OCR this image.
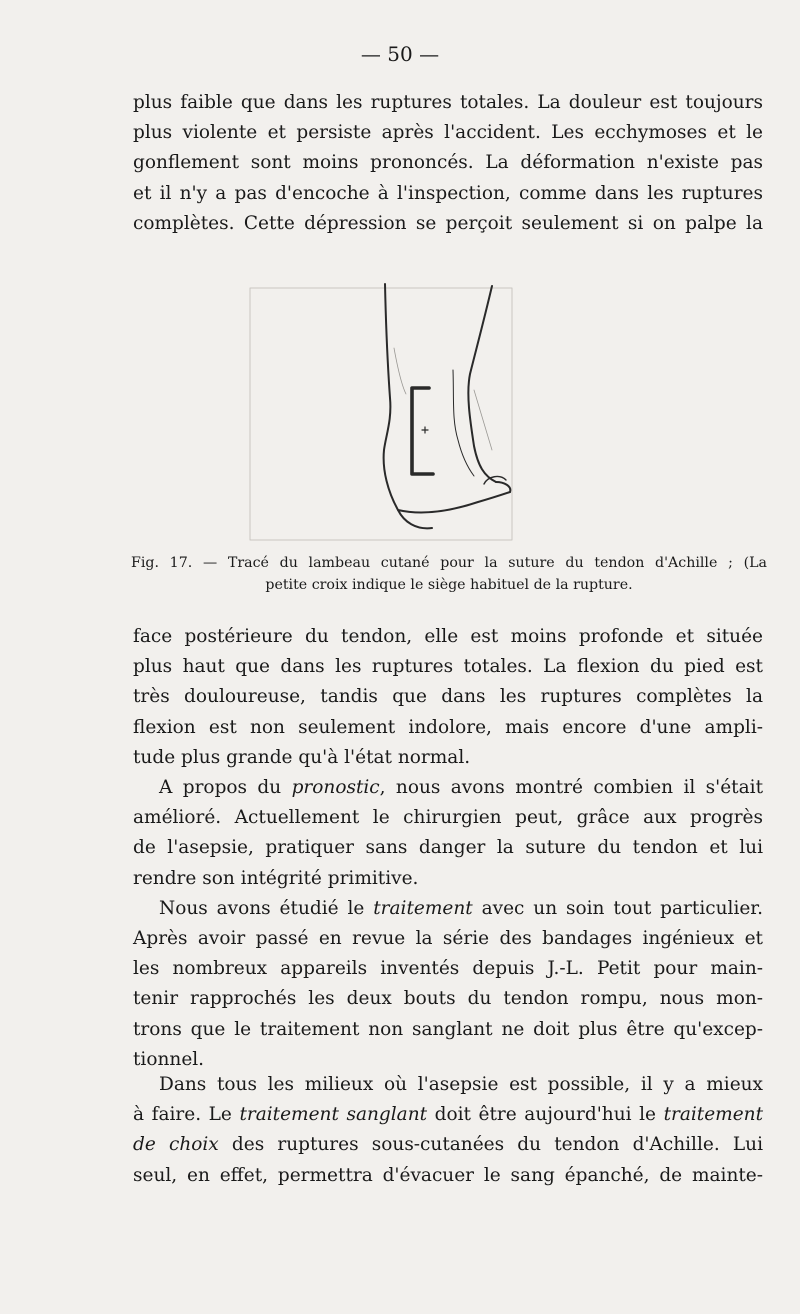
— 50 —
plus faible que dans les ruptures totales. La douleur est toujours
plus violente et persiste après l'accident. Les ecchymoses et le
gonflement sont moins prononcés. La déformation n'existe pas
et il n'y a pas d'encoche à l'inspection, comme dans les ruptures
complètes. Cette dépression se perçoit seulement si on palpe la
Fig. 17. — Tracé du lambeau cutané pour la suture du tendon d'Achille ; (La
petite croix indique le siège habituel de la rupture.
face postérieure du tendon, elle est moins profonde et située
plus haut que dans les ruptures totales. La flexion du pied est
très douloureuse, tandis que dans les ruptures complètes la
flexion est non seulement indolore, mais encore d'une ampli-
tude plus grande qu'à l'état normal.
A propos du pronostic, nous avons montré combien il s'était
amélioré. Actuellement le chirurgien peut, grâce aux progrès
de l'asepsie, pratiquer sans danger la suture du tendon et lui
rendre son intégrité primitive.
Nous avons étudié le traitement avec un soin tout particulier.
Après avoir passé en revue la série des bandages ingénieux et
les nombreux appareils inventés depuis J.-L. Petit pour main-
tenir rapprochés les deux bouts du tendon rompu, nous mon-
trons que le traitement non sanglant ne doit plus être qu'excep-
tionnel.
Dans tous les milieux où l'asepsie est possible, il y a mieux
à faire. Le traitement sanglant doit être aujourd'hui le traitement
de choix des ruptures sous-cutanées du tendon d'Achille. Lui
seul, en effet, permettra d'évacuer le sang épanché, de mainte-
